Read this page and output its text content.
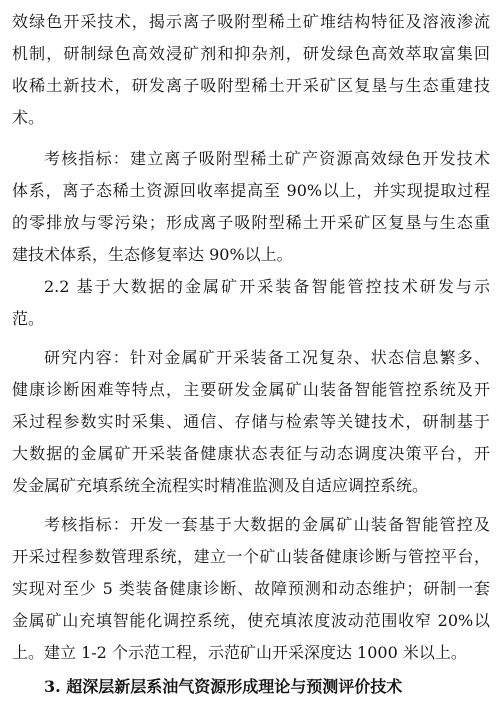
效绿色开采技术，揭示离子吸附型稀土矿堆结构特征及溶液渗流
机制，研制绿色高效浸矿剂和抑杂剂，研发绿色高效萃取富集回
收稀土新技术，研发离子吸附型稀土开采矿区复垦与生态重建技
术。
考核指标：建立离子吸附型稀土矿产资源高效绿色开发技术
体系，离子态稀土资源回收率提高至 90%以上，并实现提取过程
的零排放与零污染；形成离子吸附型稀土开采矿区复垦与生态重
建技术体系，生态修复率达 90%以上。
2.2 基于大数据的金属矿开采装备智能管控技术研发与示
范。
研究内容：针对金属矿开采装备工况复杂、状态信息繁多、
健康诊断困难等特点，主要研发金属矿山装备智能管控系统及开
采过程参数实时采集、通信、存储与检索等关键技术，研制基于
大数据的金属矿开采装备健康状态表征与动态调度决策平台，开
发金属矿充填系统全流程实时精准监测及自适应调控系统。
考核指标：开发一套基于大数据的金属矿山装备智能管控及
开采过程参数管理系统，建立一个矿山装备健康诊断与管控平台，
实现对至少 5 类装备健康诊断、故障预测和动态维护；研制一套
金属矿山充填智能化调控系统，使充填浓度波动范围收窄 20%以
上。建立 1-2 个示范工程，示范矿山开采深度达 1000 米以上。
3. 超深层新层系油气资源形成理论与预测评价技术
